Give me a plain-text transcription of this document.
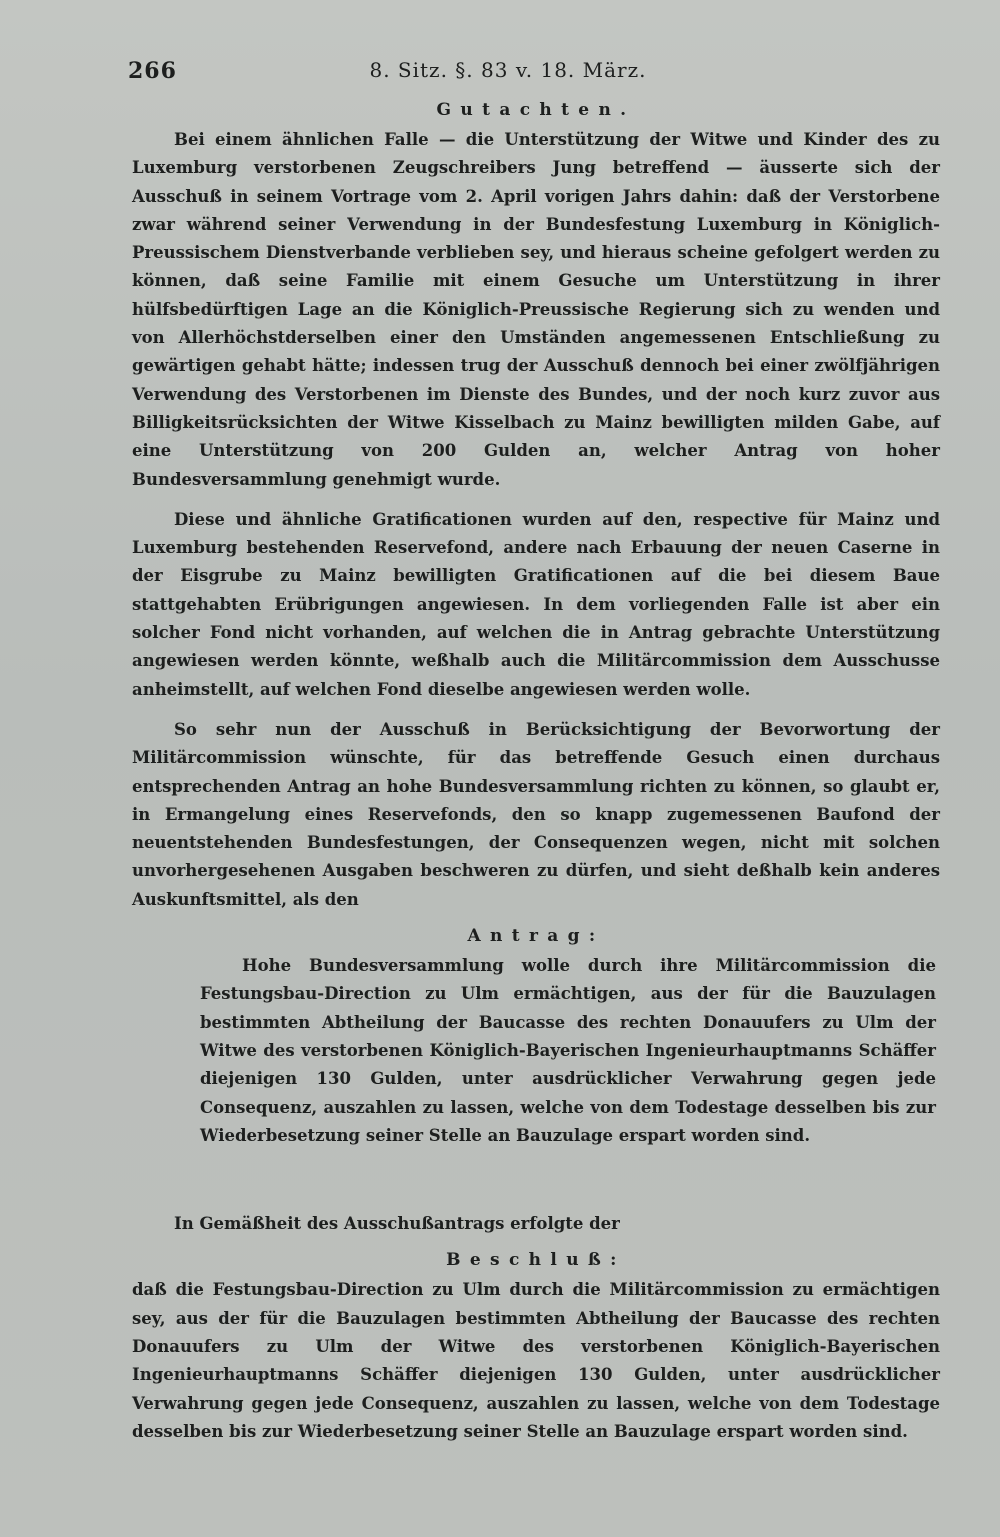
266	8. Sitz. §. 83 v. 18. März.
Gutachten.

Bei einem ähnlichen Falle — die Unterstützung der Witwe und Kinder des zu Luxemburg verstorbenen Zeugschreibers Jung betreffend — äusserte sich der Ausschuß in seinem Vortrage vom 2. April vorigen Jahrs dahin: daß der Verstorbene zwar während seiner Verwendung in der Bundesfestung Luxemburg in Königlich-Preussischem Dienstverbande verblieben sey, und hieraus scheine gefolgert werden zu können, daß seine Familie mit einem Gesuche um Unterstützung in ihrer hülfsbedürftigen Lage an die Königlich-Preussische Regierung sich zu wenden und von Allerhöchstderselben einer den Umständen angemessenen Entschließung zu gewärtigen gehabt hätte; indessen trug der Ausschuß dennoch bei einer zwölfjährigen Verwendung des Verstorbenen im Dienste des Bundes, und der noch kurz zuvor aus Billigkeitsrücksichten der Witwe Kisselbach zu Mainz bewilligten milden Gabe, auf eine Unterstützung von 200 Gulden an, welcher Antrag von hoher Bundesversammlung genehmigt wurde.

Diese und ähnliche Gratificationen wurden auf den, respective für Mainz und Luxemburg bestehenden Reservefond, andere nach Erbauung der neuen Caserne in der Eisgrube zu Mainz bewilligten Gratificationen auf die bei diesem Baue stattgehabten Erübrigungen angewiesen. In dem vorliegenden Falle ist aber ein solcher Fond nicht vorhanden, auf welchen die in Antrag gebrachte Unterstützung angewiesen werden könnte, weßhalb auch die Militärcommission dem Ausschusse anheimstellt, auf welchen Fond dieselbe angewiesen werden wolle.

So sehr nun der Ausschuß in Berücksichtigung der Bevorwortung der Militärcommission wünschte, für das betreffende Gesuch einen durchaus entsprechenden Antrag an hohe Bundesversammlung richten zu können, so glaubt er, in Ermangelung eines Reservefonds, den so knapp zugemessenen Baufond der neuentstehenden Bundesfestungen, der Consequenzen wegen, nicht mit solchen unvorhergesehenen Ausgaben beschweren zu dürfen, und sieht deßhalb kein anderes Auskunftsmittel, als den

Antrag:

Hohe Bundesversammlung wolle durch ihre Militärcommission die Festungsbau-Direction zu Ulm ermächtigen, aus der für die Bauzulagen bestimmten Abtheilung der Baucasse des rechten Donauufers zu Ulm der Witwe des verstorbenen Königlich-Bayerischen Ingenieurhauptmanns Schäffer diejenigen 130 Gulden, unter ausdrücklicher Verwahrung gegen jede Consequenz, auszahlen zu lassen, welche von dem Todestage desselben bis zur Wiederbesetzung seiner Stelle an Bauzulage erspart worden sind.

In Gemäßheit des Ausschußantrags erfolgte der

Beschluß:

daß die Festungsbau-Direction zu Ulm durch die Militärcommission zu ermächtigen sey, aus der für die Bauzulagen bestimmten Abtheilung der Baucasse des rechten Donauufers zu Ulm der Witwe des verstorbenen Königlich-Bayerischen Ingenieurhauptmanns Schäffer diejenigen 130 Gulden, unter ausdrücklicher Verwahrung gegen jede Consequenz, auszahlen zu lassen, welche von dem Todestage desselben bis zur Wiederbesetzung seiner Stelle an Bauzulage erspart worden sind.
